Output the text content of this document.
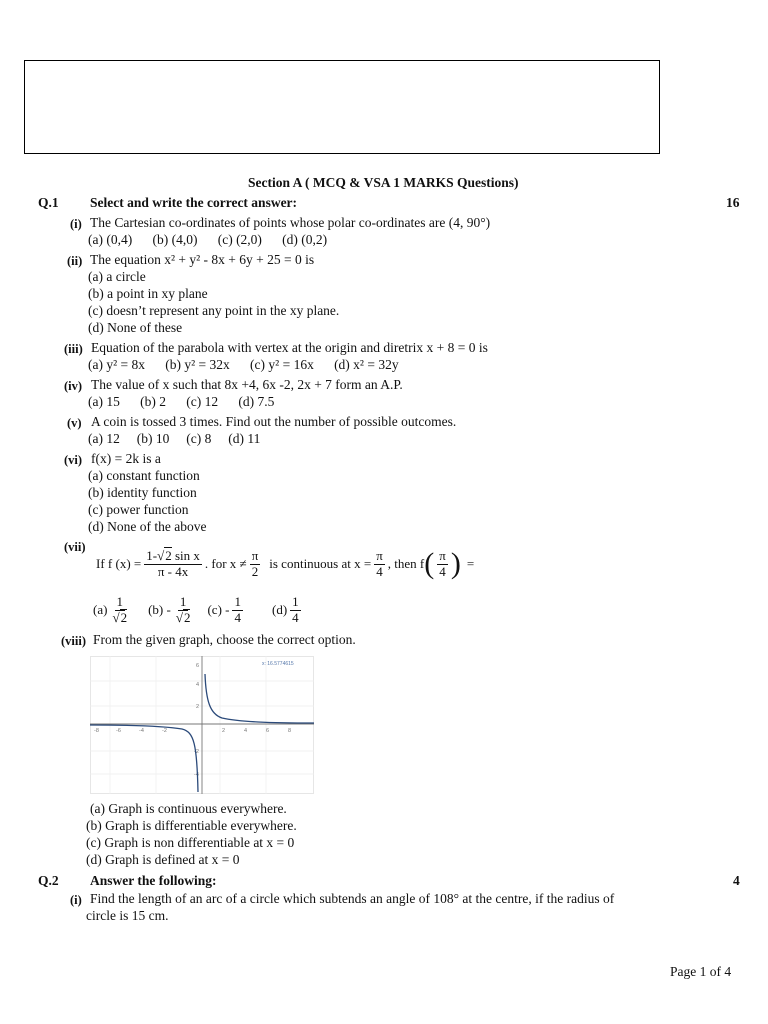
Section A ( MCQ & VSA 1 MARKS Questions)
Q.1 Select and write the correct answer:	16
(i) The Cartesian co-ordinates of points whose polar co-ordinates are (4, 90°)
(a) (0,4)      (b) (4,0)      (c) (2,0)      (d) (0,2)
(ii) The equation x² + y² - 8x + 6y + 25 = 0 is
(a) a circle
(b) a point in xy plane
(c) doesn’t represent any point in the xy plane.
(d) None of these
(iii) Equation of the parabola with vertex at the origin and diretrix x + 8 = 0 is
(a) y² = 8x      (b) y² = 32x      (c) y² = 16x      (d) x² = 32y
(iv) The value of x such that 8x +4, 6x -2, 2x + 7 form an A.P.
(a) 15      (b) 2      (c) 12      (d) 7.5
(v) A coin is tossed 3 times. Find out the number of possible outcomes.
(a) 12     (b) 10     (c) 8     (d) 11
(vi) f(x) = 2k is a
(a) constant function
(b) identity function
(c) power function
(d) None of the above
(vii)
If f $(x) = \frac{\text{1-√2 sin x}}{\pi - 4x}$ . for $x \ne \frac{\pi}{2}$ is continuous at $x = \frac{\pi}{4}$ , then f ( $\frac{\pi}{4}$ ) =
$(a) \frac{1}{√2} (b) - \frac{1}{√2} (c) - \frac{1}{4} (d) \frac{1}{4}$
(viii) From the given graph, choose the correct option.
-8	-6	-4	-2	2	4	6	8
6
4
2
-2
-4
x: 16.5774615
(a) Graph is continuous everywhere.
(b) Graph is differentiable everywhere.
(c) Graph is non differentiable at x = 0
(d) Graph is defined at x = 0
Q.2 Answer the following:	4
(i) Find the length of an arc of a circle which subtends an angle of 108° at the centre, if the radius of
circle is 15 cm.
Page 1 of 4
